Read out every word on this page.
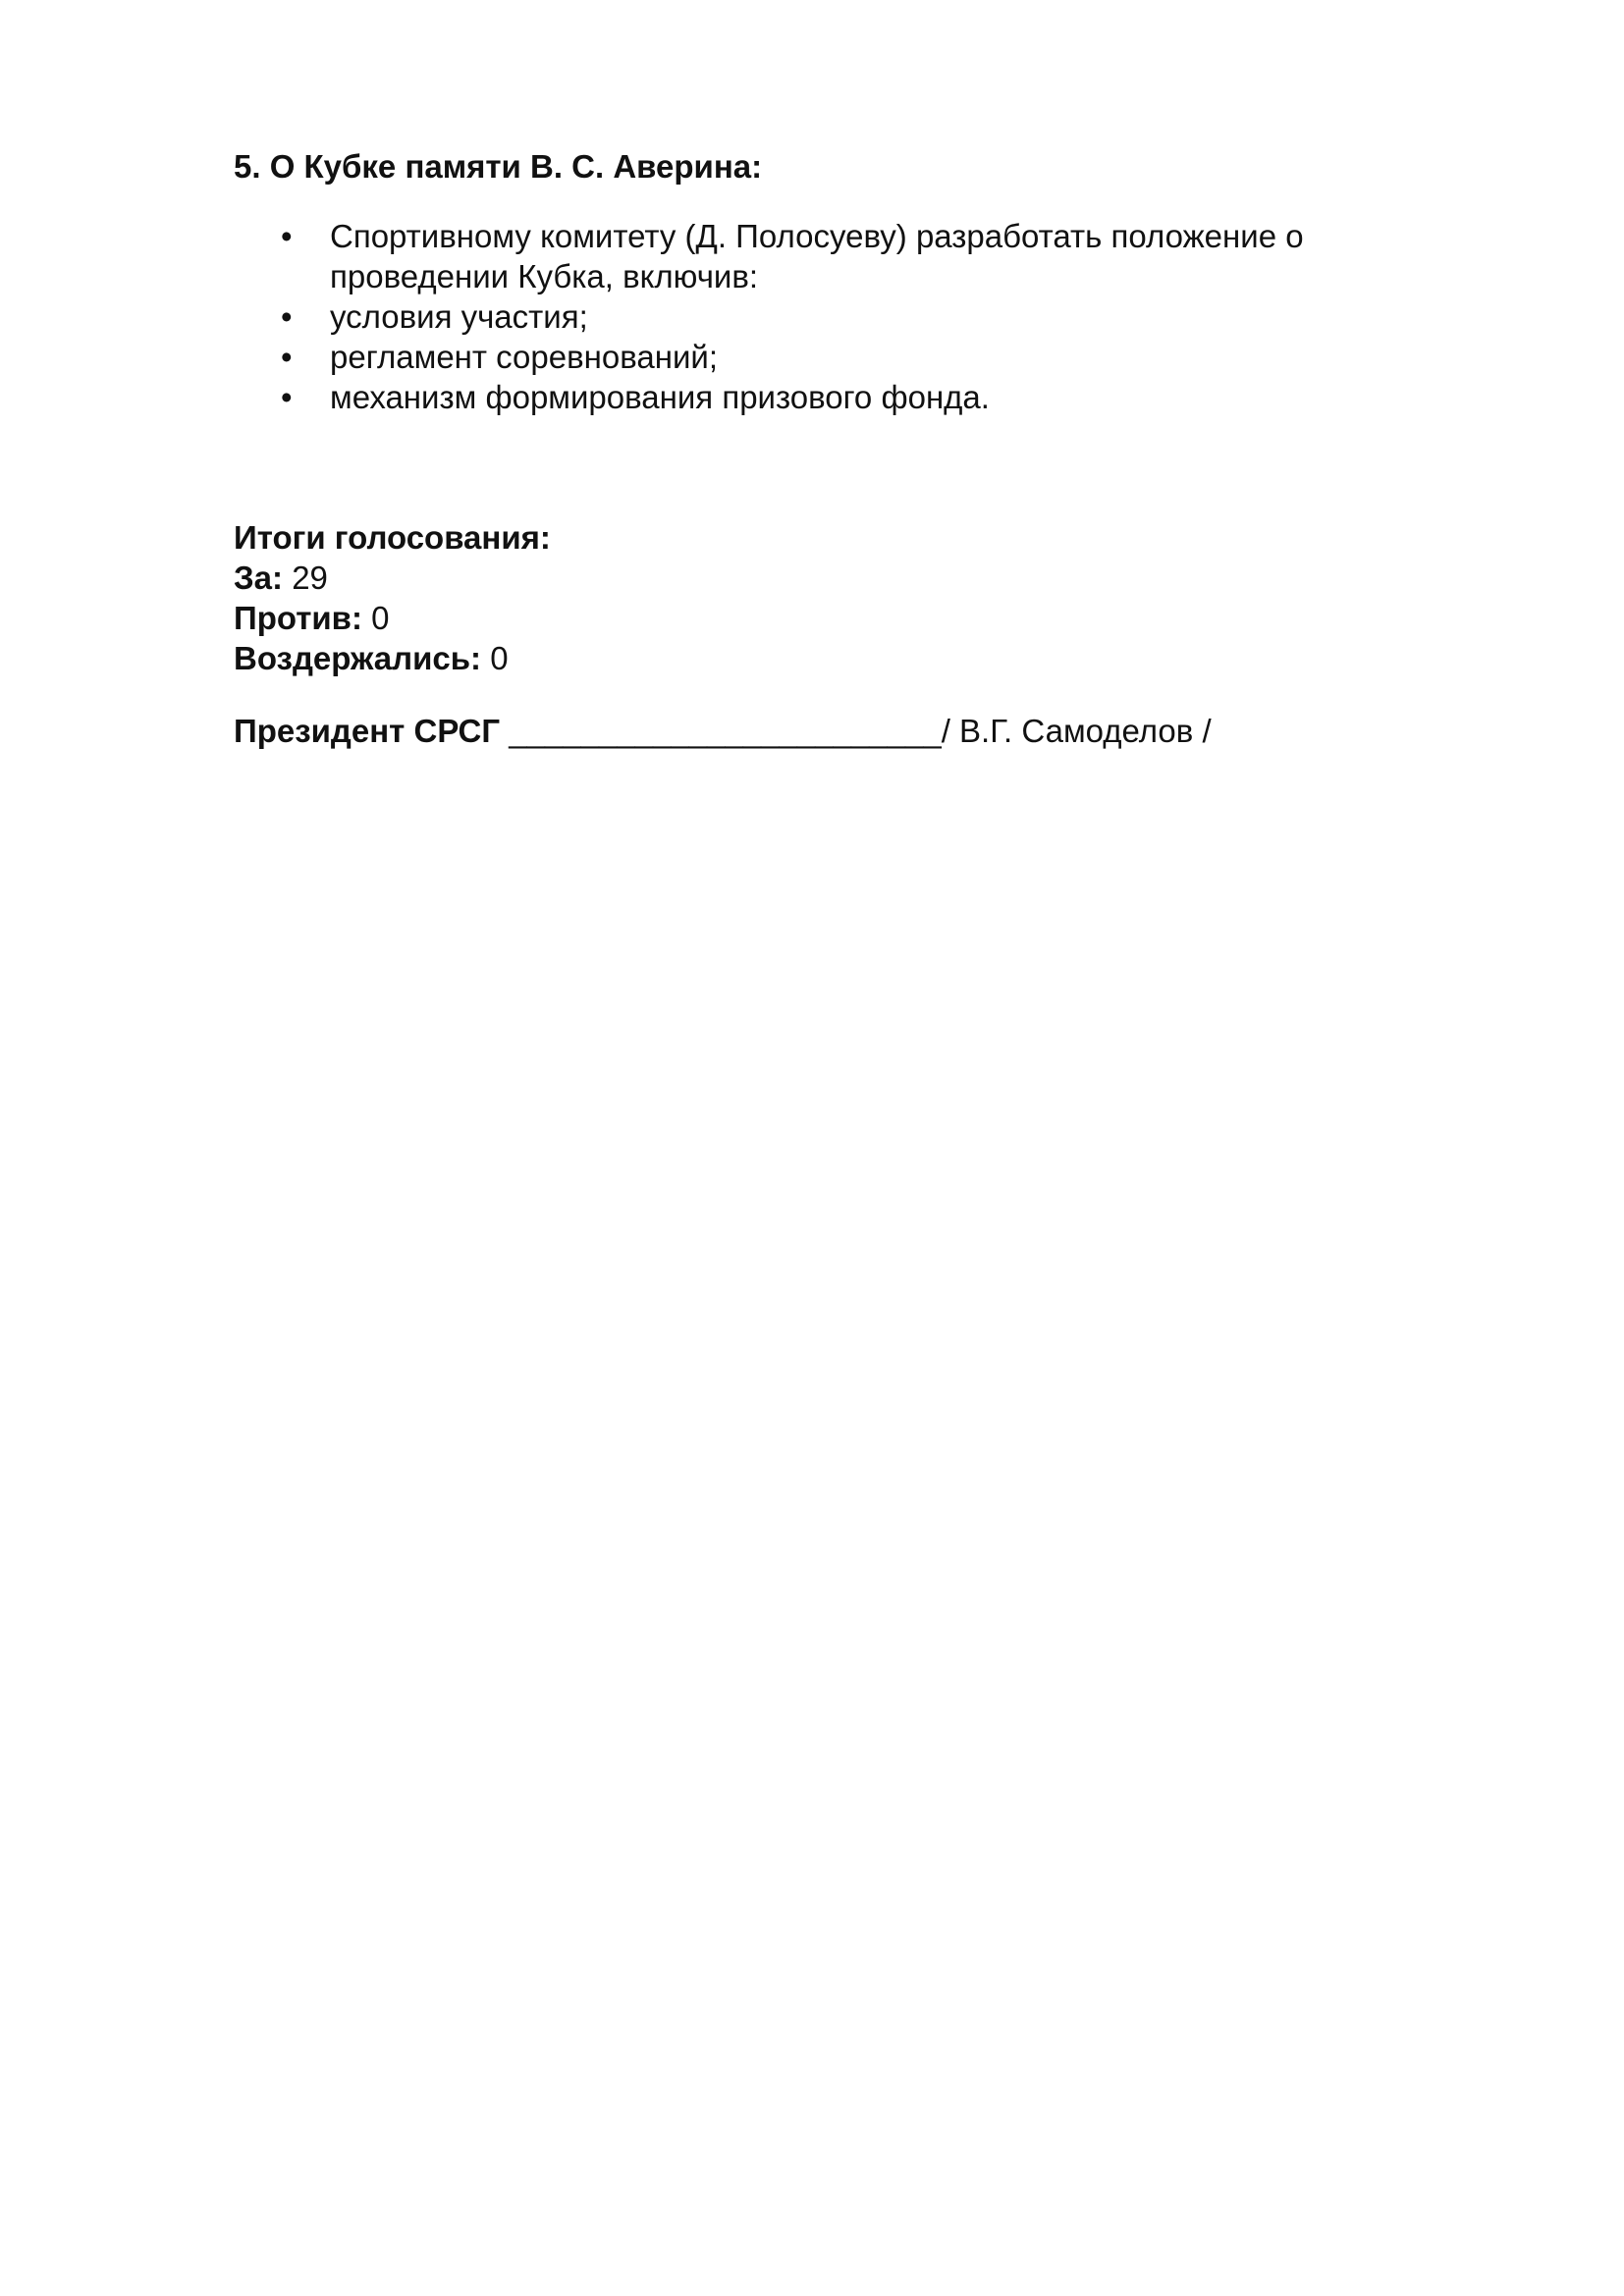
5. О Кубке памяти В. С. Аверина:
• Спортивному комитету (Д. Полосуеву) разработать положение о проведении Кубка, включив:
• условия участия;
• регламент соревнований;
• механизм формирования призового фонда.
Итоги голосования:
За: 29
Против: 0
Воздержались: 0
Президент СРСГ ________________________/ В.Г. Самоделов /
